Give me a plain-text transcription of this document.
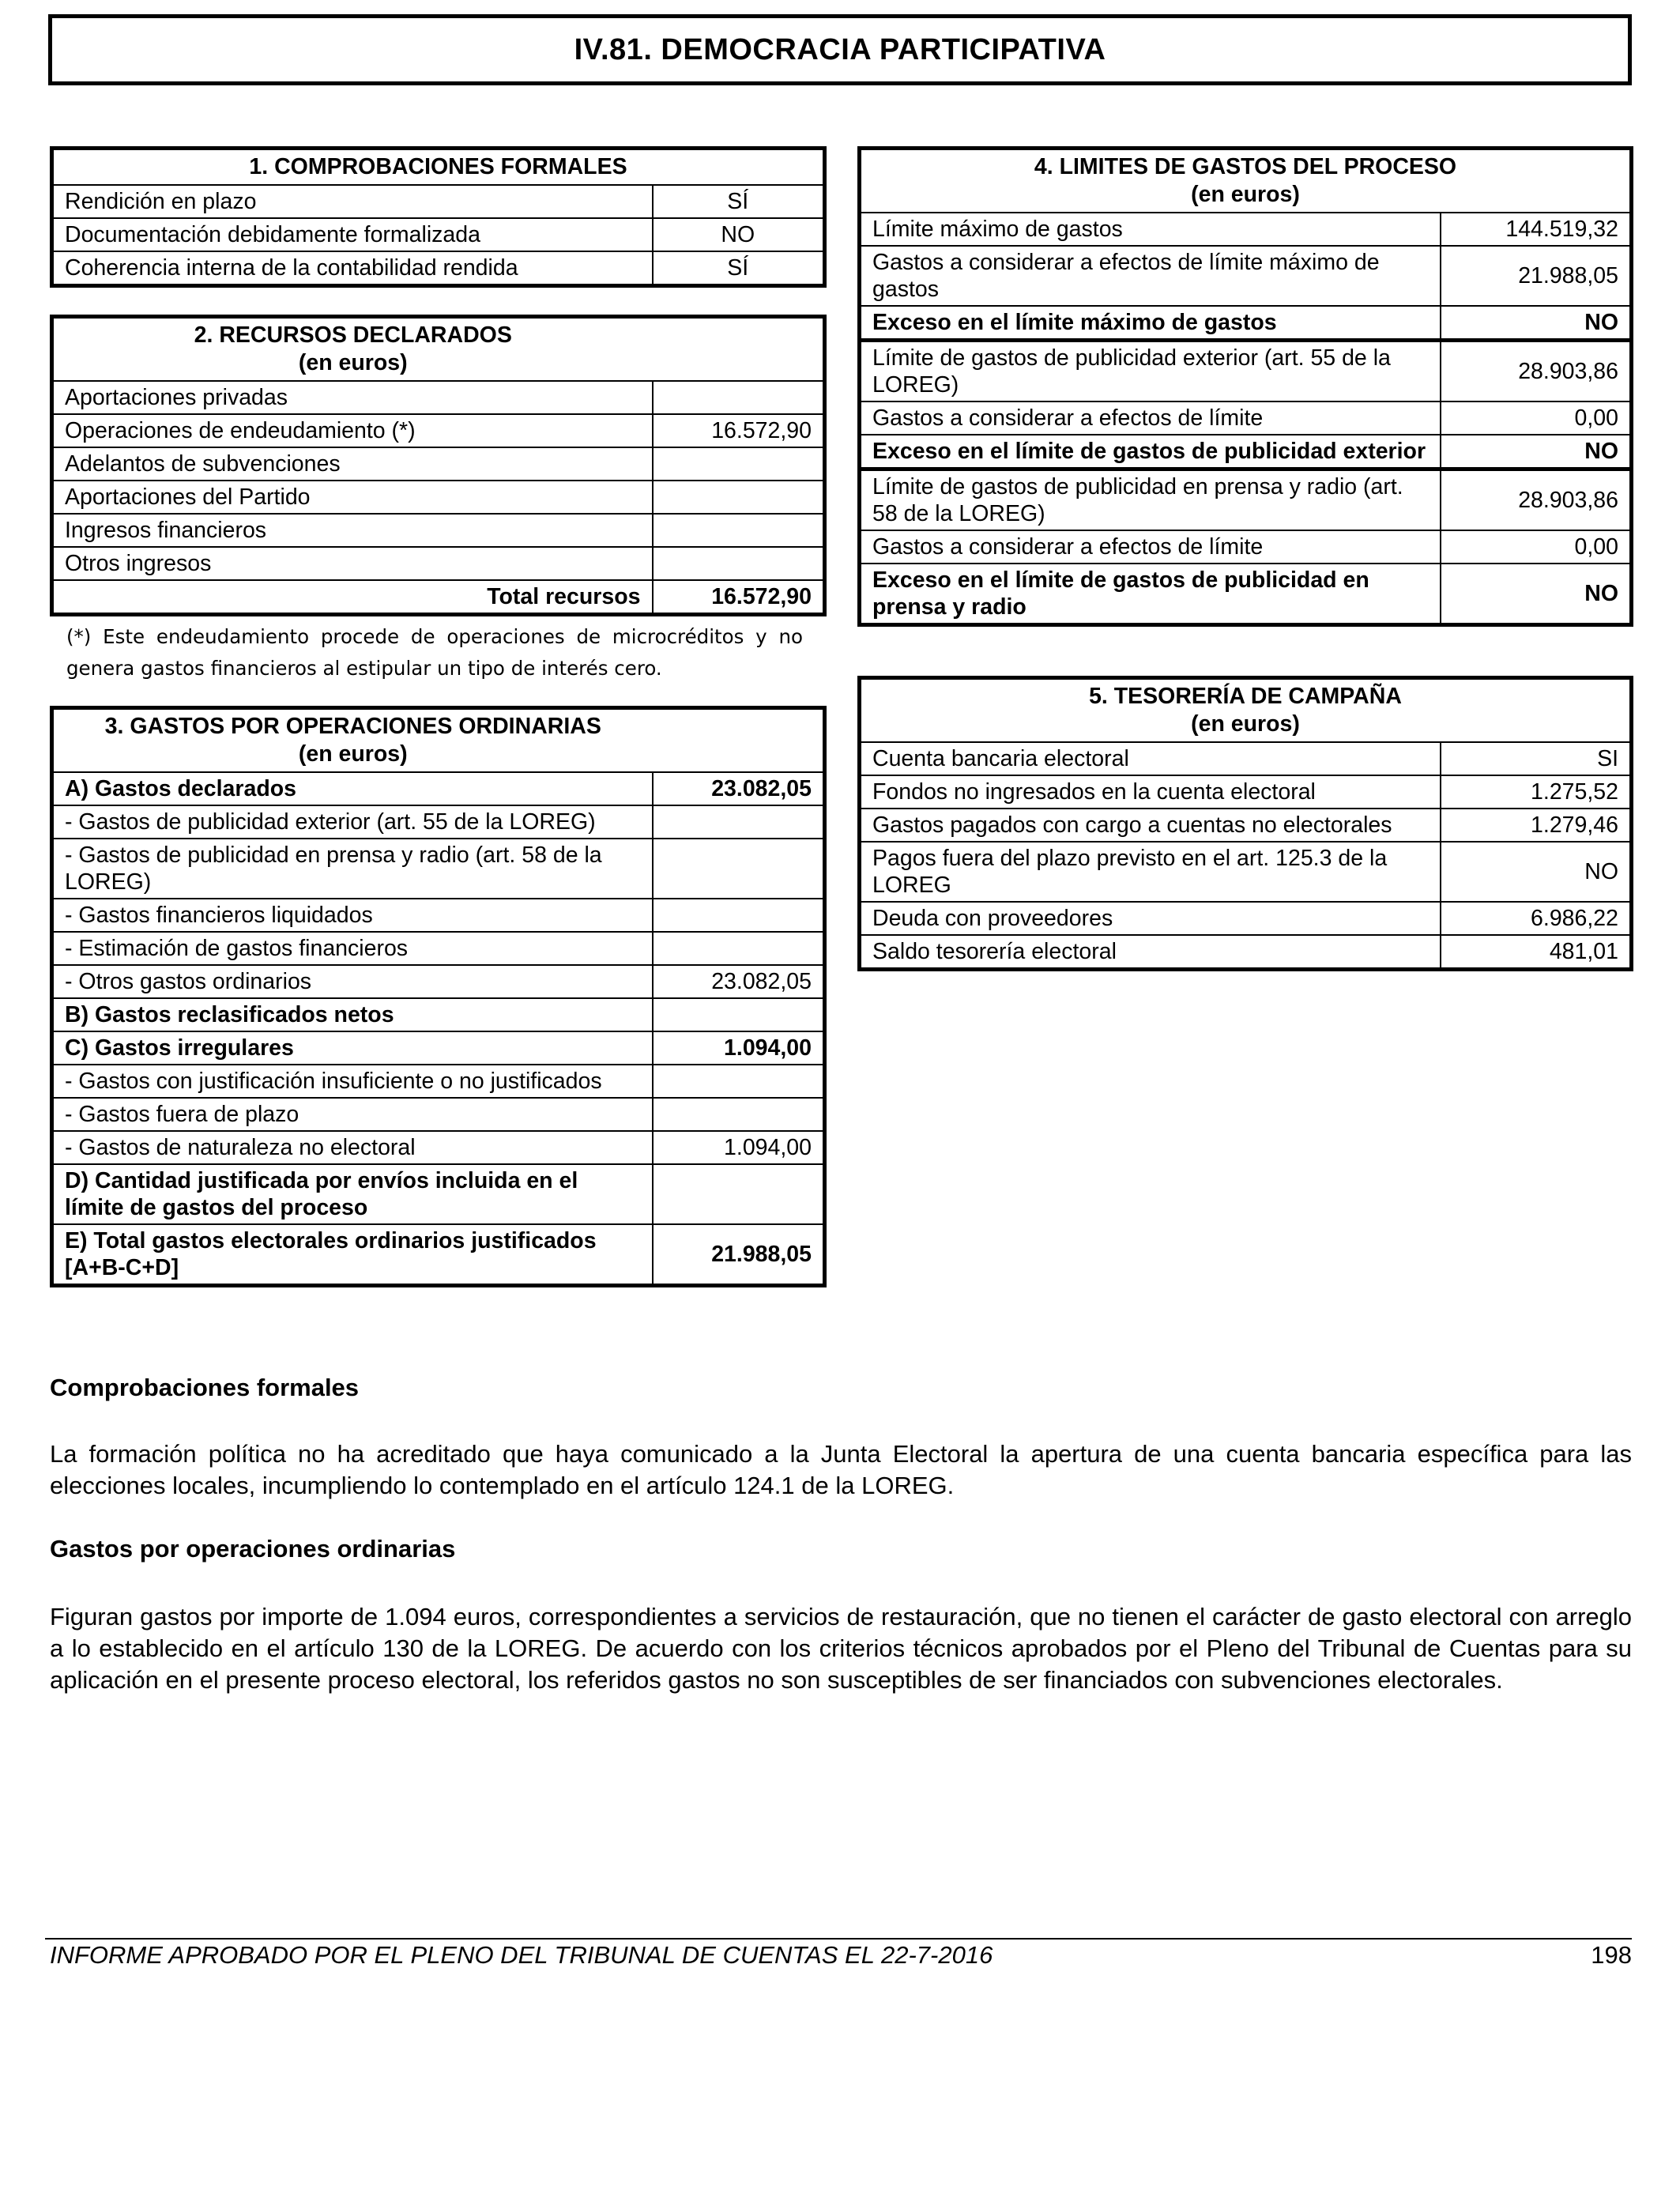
IV.81. DEMOCRACIA PARTICIPATIVA
1. COMPROBACIONES FORMALES	
Rendición en plazo	SÍ
Documentación debidamente formalizada	NO
Coherencia interna de la contabilidad rendida	SÍ
2. RECURSOS DECLARADOS
(en euros)	

Aportaciones privadas	
Operaciones de endeudamiento (*)	16.572,90
Adelantos de subvenciones	
Aportaciones del Partido	
Ingresos financieros	
Otros ingresos	
Total recursos	16.572,90
(*) Este endeudamiento procede de operaciones de microcréditos y no genera gastos financieros al estipular un tipo de interés cero.
3. GASTOS POR OPERACIONES ORDINARIAS
(en euros)	

A) Gastos declarados	23.082,05
- Gastos de publicidad exterior (art. 55 de la LOREG)	
- Gastos de publicidad en prensa y radio (art. 58 de la LOREG)	
- Gastos financieros liquidados	
- Estimación de gastos financieros	
- Otros gastos ordinarios	23.082,05
B) Gastos reclasificados netos	
C) Gastos irregulares	1.094,00
- Gastos con justificación insuficiente o no justificados	
- Gastos fuera de plazo	
- Gastos de naturaleza no electoral	1.094,00
D) Cantidad justificada por envíos incluida en el límite de gastos del proceso	
E) Total gastos electorales ordinarios justificados [A+B-C+D]	21.988,05
4. LIMITES DE GASTOS DEL PROCESO
(en euros)	

Límite máximo de gastos	144.519,32
Gastos a considerar a efectos de límite máximo de gastos	21.988,05
Exceso en el límite máximo de gastos	NO
Límite de gastos de publicidad exterior (art. 55 de la LOREG)	28.903,86
Gastos a considerar a efectos de límite	0,00
Exceso en el límite de gastos de publicidad exterior	NO
Límite de gastos de publicidad en prensa y radio (art. 58 de la LOREG)	28.903,86
Gastos a considerar a efectos de límite	0,00
Exceso en el límite de gastos de publicidad en prensa y radio	NO
5. TESORERÍA DE CAMPAÑA
(en euros)	

Cuenta bancaria electoral	SI
Fondos no ingresados en la cuenta electoral	1.275,52
Gastos pagados con cargo a cuentas no electorales	1.279,46
Pagos fuera del plazo previsto en el art. 125.3 de la LOREG	NO
Deuda con proveedores	6.986,22
Saldo tesorería electoral	481,01
Comprobaciones formales
La formación política no ha acreditado que haya comunicado a la Junta Electoral la apertura de una cuenta bancaria específica para las elecciones locales, incumpliendo lo contemplado en el artículo 124.1 de la LOREG.
Gastos por operaciones ordinarias
Figuran gastos por importe de 1.094 euros, correspondientes a servicios de restauración, que no tienen el carácter de gasto electoral con arreglo a lo establecido en el artículo 130 de la LOREG. De acuerdo con los criterios técnicos aprobados por el Pleno del Tribunal de Cuentas para su aplicación en el presente proceso electoral, los referidos gastos no son susceptibles de ser financiados con subvenciones electorales.
INFORME APROBADO POR EL PLENO DEL TRIBUNAL DE CUENTAS EL 22-7-2016	198
